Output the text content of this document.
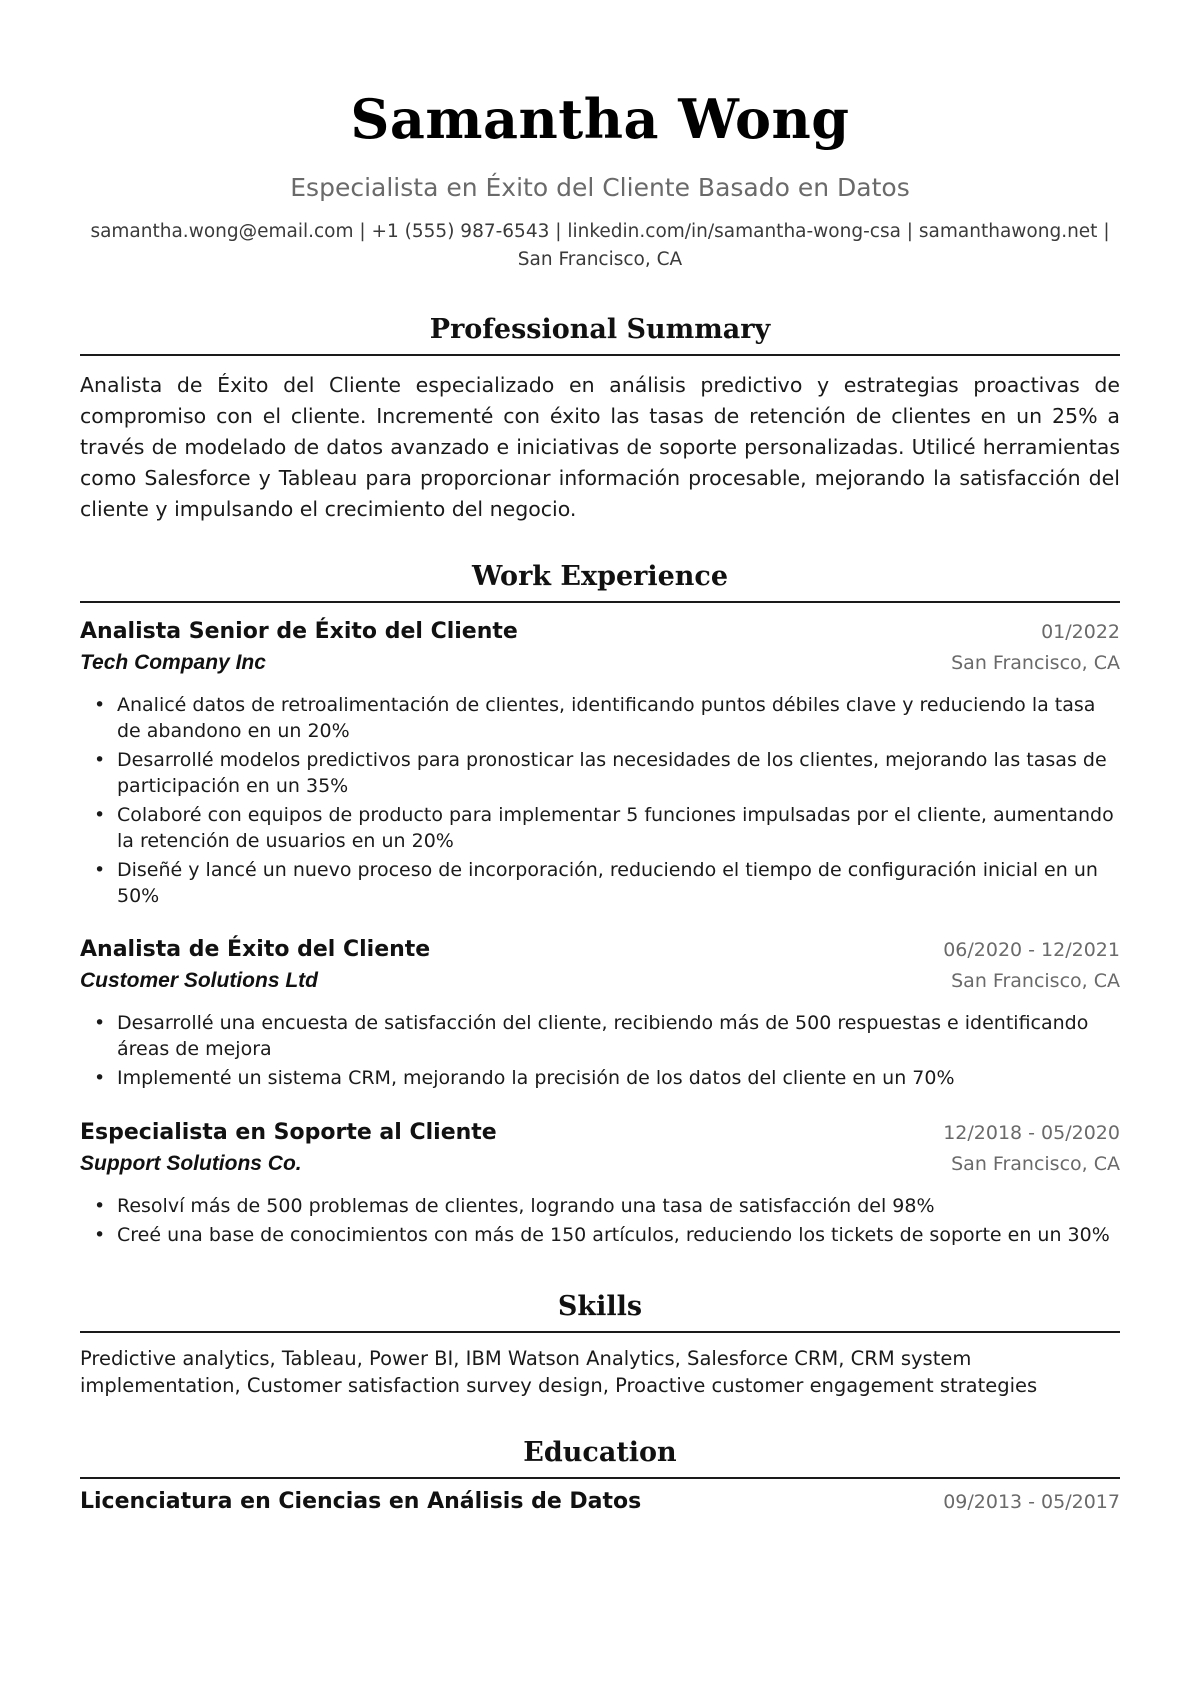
Samantha Wong
Especialista en Éxito del Cliente Basado en Datos
samantha.wong@email.com | +1 (555) 987-6543 | linkedin.com/in/samantha-wong-csa | samanthawong.net |
San Francisco, CA
Professional Summary
Analista de Éxito del Cliente especializado en análisis predictivo y estrategias proactivas de compromiso con el cliente. Incrementé con éxito las tasas de retención de clientes en un 25% a través de modelado de datos avanzado e iniciativas de soporte personalizadas. Utilicé herramientas como Salesforce y Tableau para proporcionar información procesable, mejorando la satisfacción del cliente y impulsando el crecimiento del negocio.
Work Experience
Analista Senior de Éxito del Cliente	01/2022
Tech Company Inc	San Francisco, CA
• Analicé datos de retroalimentación de clientes, identificando puntos débiles clave y reduciendo la tasa de abandono en un 20%
• Desarrollé modelos predictivos para pronosticar las necesidades de los clientes, mejorando las tasas de participación en un 35%
• Colaboré con equipos de producto para implementar 5 funciones impulsadas por el cliente, aumentando la retención de usuarios en un 20%
• Diseñé y lancé un nuevo proceso de incorporación, reduciendo el tiempo de configuración inicial en un 50%
Analista de Éxito del Cliente	06/2020 - 12/2021
Customer Solutions Ltd	San Francisco, CA
• Desarrollé una encuesta de satisfacción del cliente, recibiendo más de 500 respuestas e identificando áreas de mejora
• Implementé un sistema CRM, mejorando la precisión de los datos del cliente en un 70%
Especialista en Soporte al Cliente	12/2018 - 05/2020
Support Solutions Co.	San Francisco, CA
• Resolví más de 500 problemas de clientes, logrando una tasa de satisfacción del 98%
• Creé una base de conocimientos con más de 150 artículos, reduciendo los tickets de soporte en un 30%
Skills
Predictive analytics, Tableau, Power BI, IBM Watson Analytics, Salesforce CRM, CRM system implementation, Customer satisfaction survey design, Proactive customer engagement strategies
Education
Licenciatura en Ciencias en Análisis de Datos	09/2013 - 05/2017
